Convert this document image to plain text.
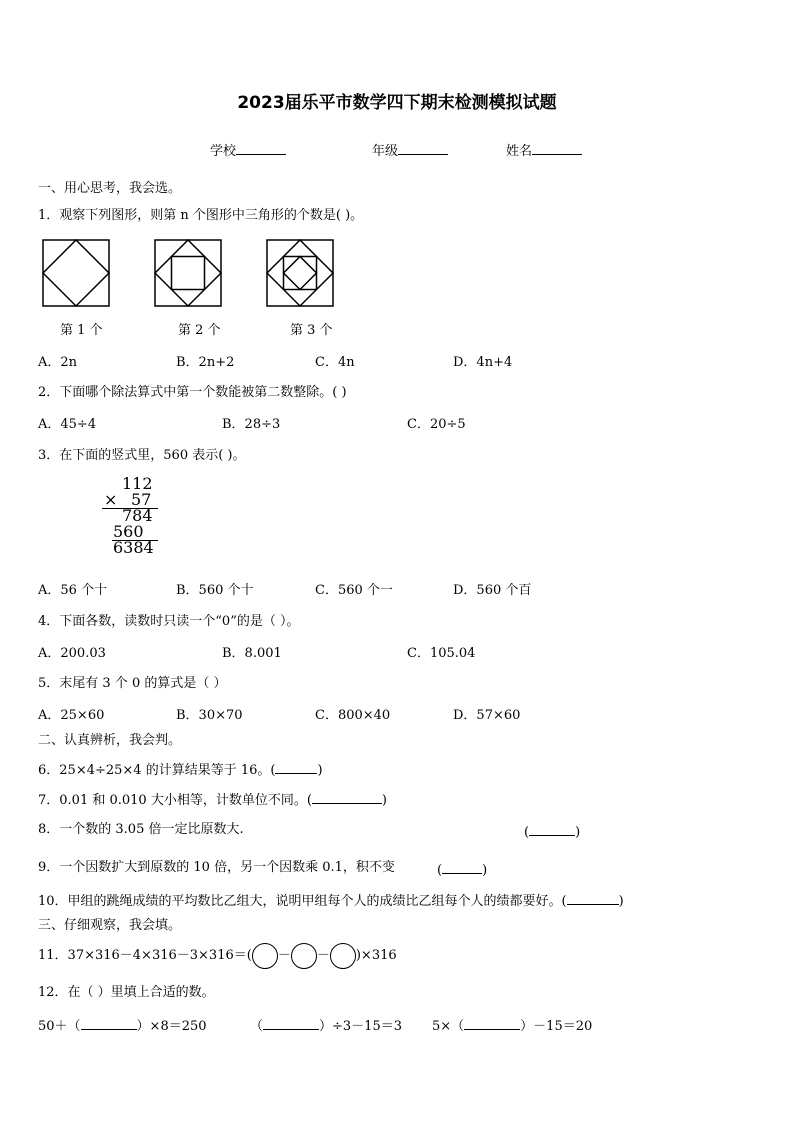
2023届乐平市数学四下期末检测模拟试题
学校	年级	姓名
一、用心思考，我会选。
1．观察下列图形，则第 n 个图形中三角形的个数是( )。
第 1 个	第 2 个	第 3 个
A．2n	B．2n+2	C．4n	D．4n+4
2．下面哪个除法算式中第一个数能被第二数整除。( )
A．45÷4	B．28÷3	C．20÷5
3．在下面的竖式里，560 表示( )。
112
× 57
784
560
6384
A．56 个十	B．560 个十	C．560 个一	D．560 个百
4．下面各数，读数时只读一个“0”的是（ ）。
A．200.03	B．8.001	C．105.04
5．末尾有 3 个 0 的算式是（ ）
A．25×60	B．30×70	C．800×40	D．57×60
二、认真辨析，我会判。
6．25×4÷25×4 的计算结果等于 16。(	)
7．0.01 和 0.010 大小相等，计数单位不同。(	)
8．一个数的 3.05 倍一定比原数大.	(	)
9．一个因数扩大到原数的 10 倍，另一个因数乘 0.1，积不变	(	)
10．甲组的跳绳成绩的平均数比乙组大，说明甲组每个人的成绩比乙组每个人的绩都要好。(	)
三、仔细观察，我会填。
11．37×316－4×316－3×316＝( － － )×316
12．在（ ）里填上合适的数。
50＋（	）×8＝250	（	）÷3－15＝3 5×（	）－15＝20
